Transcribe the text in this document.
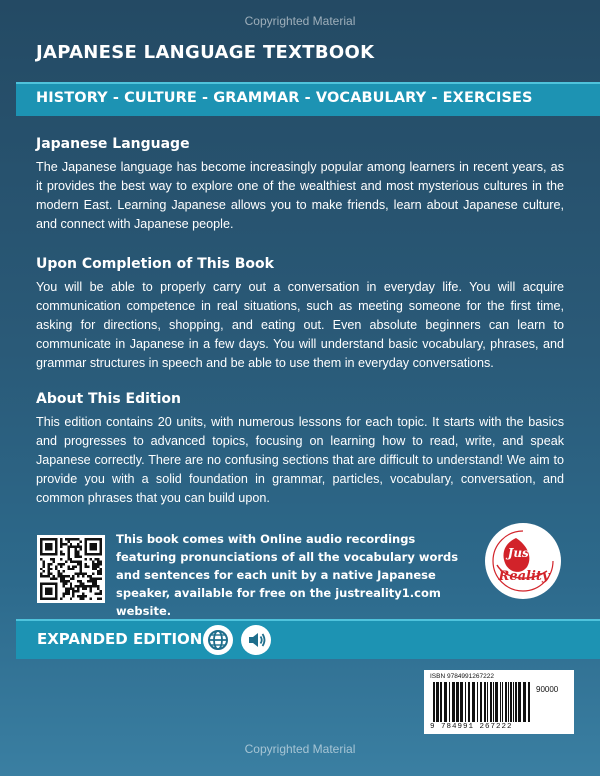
Copyrighted Material
JAPANESE LANGUAGE TEXTBOOK
HISTORY - CULTURE - GRAMMAR - VOCABULARY - EXERCISES
Japanese Language

The Japanese language has become increasingly popular among learners in recent years, as it provides the best way to explore one of the wealthiest and most mysterious cultures in the modern East. Learning Japanese allows you to make friends, learn about Japanese culture, and connect with Japanese people.

Upon Completion of This Book

You will be able to properly carry out a conversation in everyday life. You will acquire communication competence in real situations, such as meeting someone for the first time, asking for directions, shopping, and eating out. Even absolute beginners can learn to communicate in Japanese in a few days. You will understand basic vocabulary, phrases, and grammar structures in speech and be able to use them in everyday conversations.

About This Edition

This edition contains 20 units, with numerous lessons for each topic. It starts with the basics and progresses to advanced topics, focusing on learning how to read, write, and speak Japanese correctly. There are no confusing sections that are difficult to understand! We aim to provide you with a solid foundation in grammar, particles, vocabulary, conversation, and common phrases that you can build upon.

This book comes with Online audio recordings featuring pronunciations of all the vocabulary words and sentences for each unit by a native Japanese speaker, available for free on the justreality1.com website.

Just
Reality
EXPANDED EDITION
ISBN 9784991267222
90000
9 784991 267222
Copyrighted Material
